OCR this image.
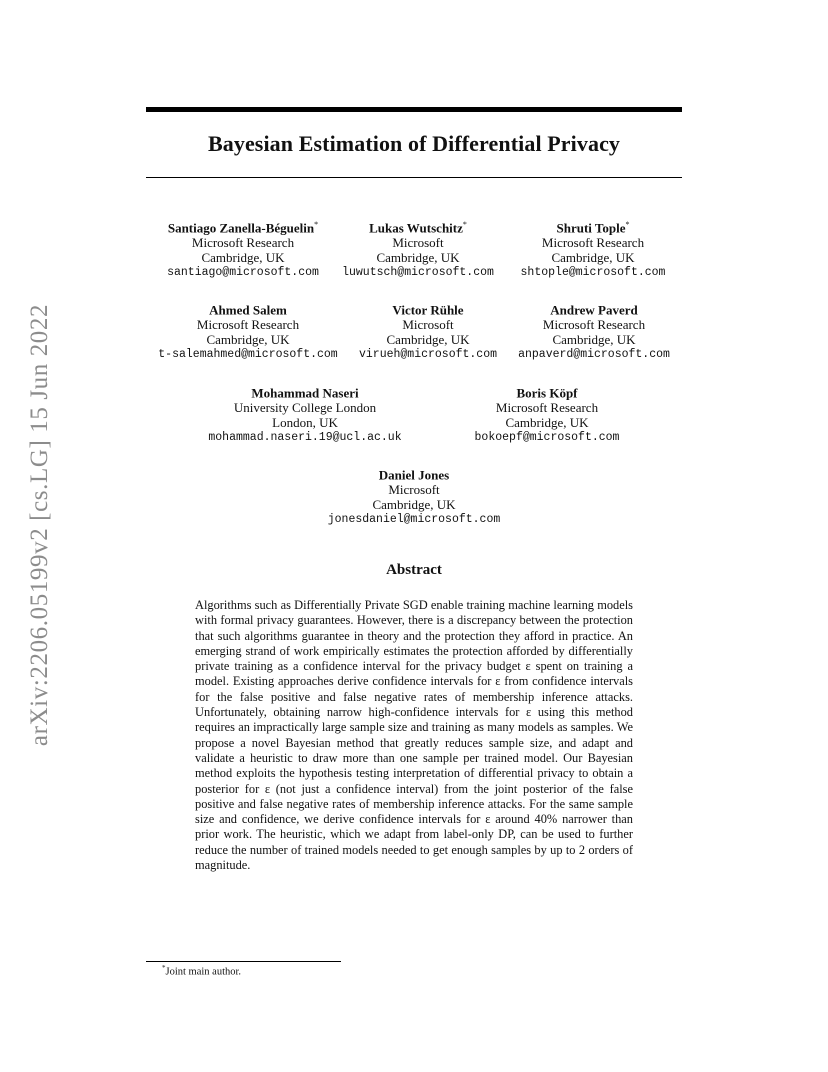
arXiv:2206.05199v2 [cs.LG] 15 Jun 2022
Bayesian Estimation of Differential Privacy
Santiago Zanella-Béguelin*
Microsoft Research
Cambridge, UK
santiago@microsoft.com
Lukas Wutschitz*
Microsoft
Cambridge, UK
luwutsch@microsoft.com
Shruti Tople*
Microsoft Research
Cambridge, UK
shtople@microsoft.com
Ahmed Salem
Microsoft Research
Cambridge, UK
t-salemahmed@microsoft.com
Victor Rühle
Microsoft
Cambridge, UK
virueh@microsoft.com
Andrew Paverd
Microsoft Research
Cambridge, UK
anpaverd@microsoft.com
Mohammad Naseri
University College London
London, UK
mohammad.naseri.19@ucl.ac.uk
Boris Köpf
Microsoft Research
Cambridge, UK
bokoepf@microsoft.com
Daniel Jones
Microsoft
Cambridge, UK
jonesdaniel@microsoft.com
Abstract
Algorithms such as Differentially Private SGD enable training machine learning models with formal privacy guarantees. However, there is a discrepancy between the protection that such algorithms guarantee in theory and the protection they afford in practice. An emerging strand of work empirically estimates the protection afforded by differentially private training as a confidence interval for the privacy budget ε spent on training a model. Existing approaches derive confidence intervals for ε from confidence intervals for the false positive and false negative rates of membership inference attacks. Unfortunately, obtaining narrow high-confidence intervals for ε using this method requires an impractically large sample size and training as many models as samples. We propose a novel Bayesian method that greatly reduces sample size, and adapt and validate a heuristic to draw more than one sample per trained model. Our Bayesian method exploits the hypothesis testing interpretation of differential privacy to obtain a posterior for ε (not just a confidence interval) from the joint posterior of the false positive and false negative rates of membership inference attacks. For the same sample size and confidence, we derive confidence intervals for ε around 40% narrower than prior work. The heuristic, which we adapt from label-only DP, can be used to further reduce the number of trained models needed to get enough samples by up to 2 orders of magnitude.
*Joint main author.
